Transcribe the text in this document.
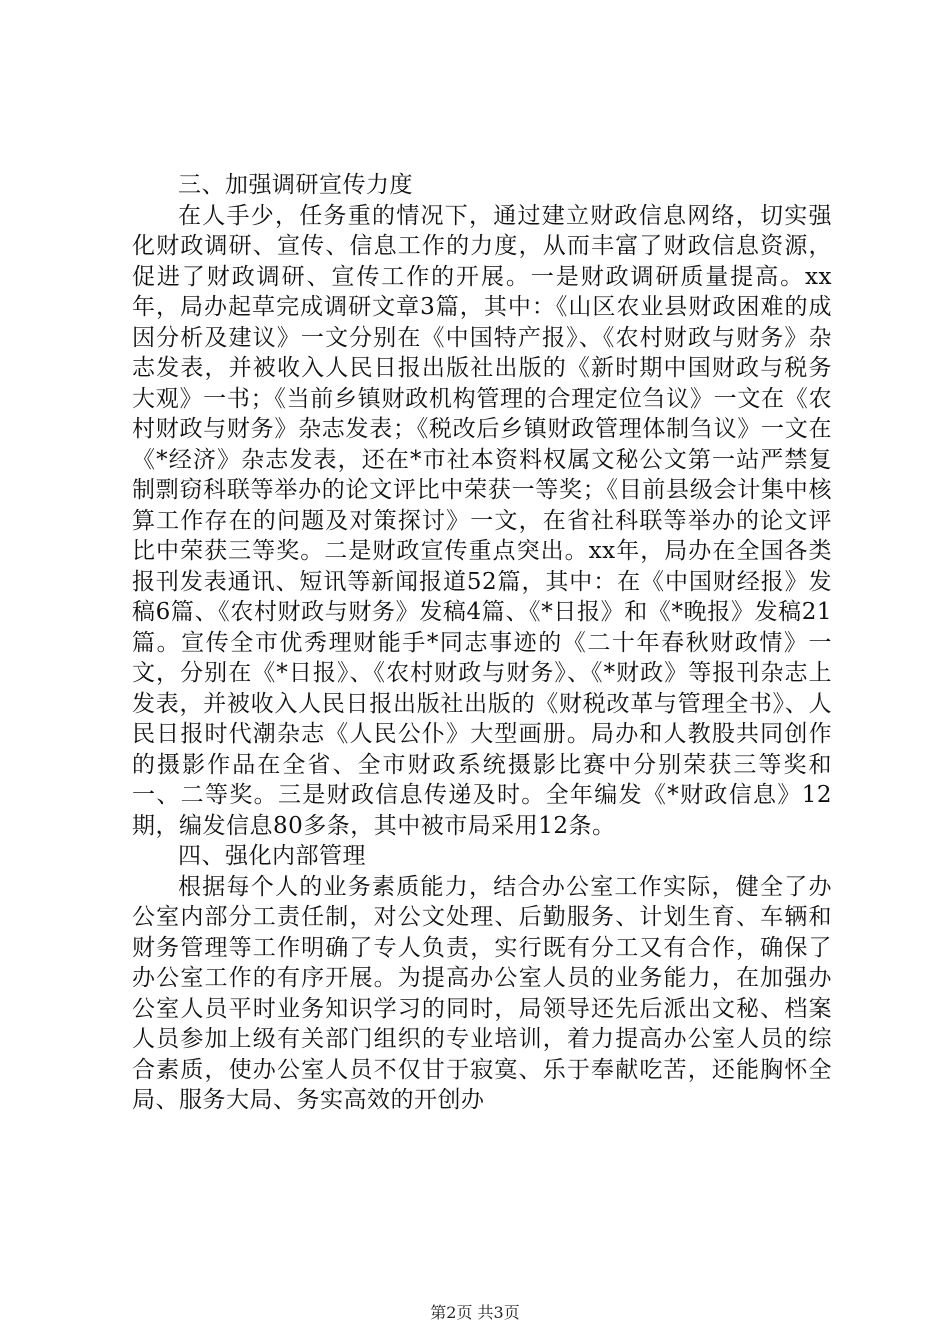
三、加强调研宣传力度

在人手少，任务重的情况下，通过建立财政信息网络，切实强化财政调研、宣传、信息工作的力度，从而丰富了财政信息资源，促进了财政调研、宣传工作的开展。一是财政调研质量提高。xx年，局办起草完成调研文章3篇，其中：《山区农业县财政困难的成因分析及建议》一文分别在《中国特产报》、《农村财政与财务》杂志发表，并被收入人民日报出版社出版的《新时期中国财政与税务大观》一书；《当前乡镇财政机构管理的合理定位刍议》一文在《农村财政与财务》杂志发表；《税改后乡镇财政管理体制刍议》一文在《*经济》杂志发表，还在*市社本资料权属文秘公文第一站严禁复制剽窃科联等举办的论文评比中荣获一等奖；《目前县级会计集中核算工作存在的问题及对策探讨》一文，在省社科联等举办的论文评比中荣获三等奖。二是财政宣传重点突出。xx年，局办在全国各类报刊发表通讯、短讯等新闻报道52篇，其中：在《中国财经报》发稿6篇、《农村财政与财务》发稿4篇、《*日报》和《*晚报》发稿21篇。宣传全市优秀理财能手*同志事迹的《二十年春秋财政情》一文，分别在《*日报》、《农村财政与财务》、《*财政》等报刊杂志上发表，并被收入人民日报出版社出版的《财税改革与管理全书》、人民日报时代潮杂志《人民公仆》大型画册。局办和人教股共同创作的摄影作品在全省、全市财政系统摄影比赛中分别荣获三等奖和一、二等奖。三是财政信息传递及时。全年编发《*财政信息》12期，编发信息80多条，其中被市局采用12条。

四、强化内部管理

根据每个人的业务素质能力，结合办公室工作实际，健全了办公室内部分工责任制，对公文处理、后勤服务、计划生育、车辆和财务管理等工作明确了专人负责，实行既有分工又有合作，确保了办公室工作的有序开展。为提高办公室人员的业务能力，在加强办公室人员平时业务知识学习的同时，局领导还先后派出文秘、档案人员参加上级有关部门组织的专业培训，着力提高办公室人员的综合素质，使办公室人员不仅甘于寂寞、乐于奉献吃苦，还能胸怀全局、服务大局、务实高效的开创办

第2页 共3页
